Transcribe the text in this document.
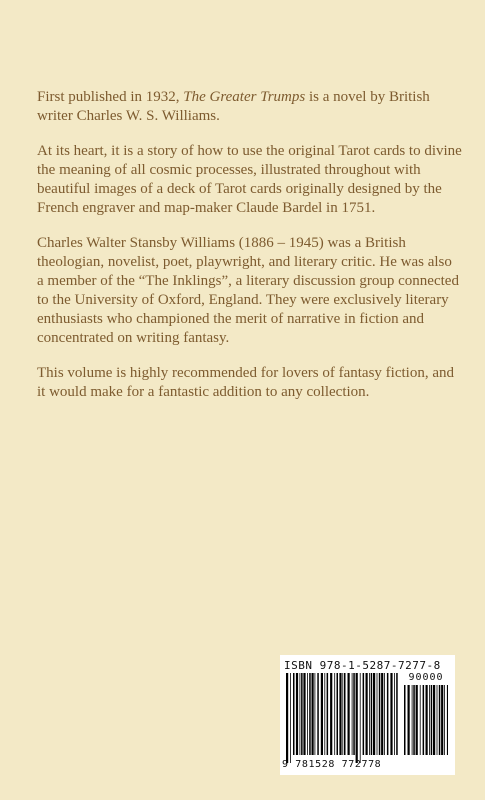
First published in 1932, The Greater Trumps is a novel by British writer Charles W. S. Williams.

At its heart, it is a story of how to use the original Tarot cards to divine the meaning of all cosmic processes, illustrated throughout with beautiful images of a deck of Tarot cards originally designed by the French engraver and map-maker Claude Bardel in 1751.

Charles Walter Stansby Williams (1886 – 1945) was a British theologian, novelist, poet, playwright, and literary critic. He was also a member of the “The Inklings”, a literary discussion group connected to the University of Oxford, England. They were exclusively literary enthusiasts who championed the merit of narrative in fiction and concentrated on writing fantasy.

This volume is highly recommended for lovers of fantasy fiction, and it would make for a fantastic addition to any collection.

ISBN 978-1-5287-7277-8
90000
9 781528 772778
